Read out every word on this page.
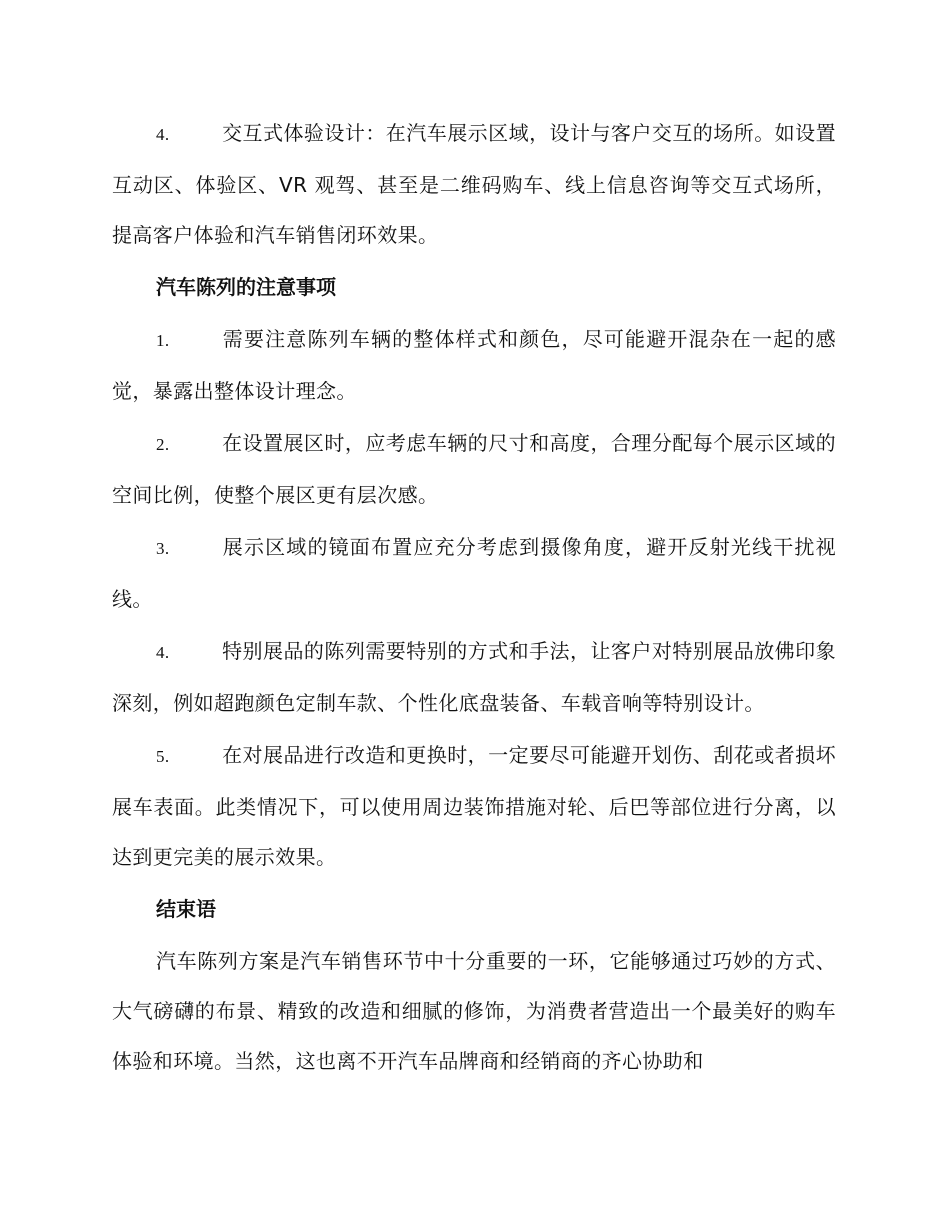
4.	交互式体验设计：在汽车展示区域，设计与客户交互的场所。如设置互动区、体验区、VR 观驾、甚至是二维码购车、线上信息咨询等交互式场所，提高客户体验和汽车销售闭环效果。

汽车陈列的注意事项

1.	需要注意陈列车辆的整体样式和颜色，尽可能避开混杂在一起的感觉，暴露出整体设计理念。

2.	在设置展区时，应考虑车辆的尺寸和高度，合理分配每个展示区域的空间比例，使整个展区更有层次感。

3.	展示区域的镜面布置应充分考虑到摄像角度，避开反射光线干扰视线。

4.	特别展品的陈列需要特别的方式和手法，让客户对特别展品放佛印象深刻，例如超跑颜色定制车款、个性化底盘装备、车载音响等特别设计。

5.	在对展品进行改造和更换时，一定要尽可能避开划伤、刮花或者损坏展车表面。此类情况下，可以使用周边装饰措施对轮、后巴等部位进行分离，以达到更完美的展示效果。

结束语

汽车陈列方案是汽车销售环节中十分重要的一环，它能够通过巧妙的方式、大气磅礴的布景、精致的改造和细腻的修饰，为消费者营造出一个最美好的购车体验和环境。当然，这也离不开汽车品牌商和经销商的齐心协助和
